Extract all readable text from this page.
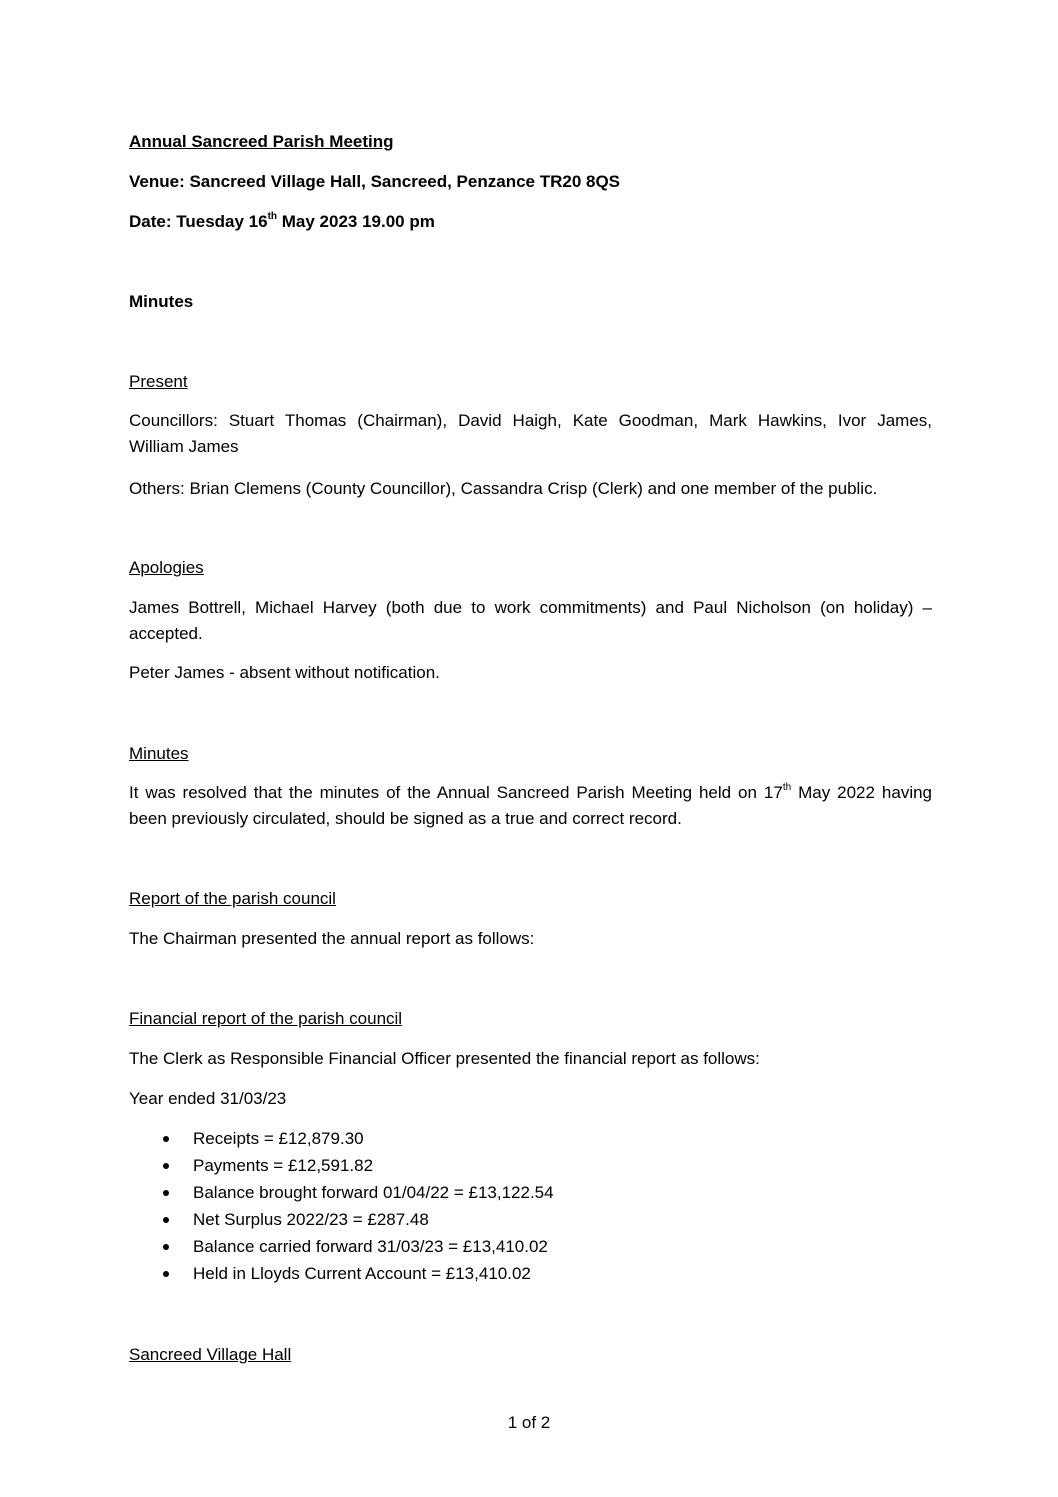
Annual Sancreed Parish Meeting
Venue: Sancreed Village Hall, Sancreed, Penzance TR20 8QS
Date: Tuesday 16th May 2023 19.00 pm
Minutes
Present
Councillors: Stuart Thomas (Chairman), David Haigh, Kate Goodman, Mark Hawkins, Ivor James,
William James
Others: Brian Clemens (County Councillor), Cassandra Crisp (Clerk) and one member of the public.
Apologies
James Bottrell, Michael Harvey (both due to work commitments) and Paul Nicholson (on holiday) –
accepted.
Peter James - absent without notification.
Minutes
It was resolved that the minutes of the Annual Sancreed Parish Meeting held on 17th May 2022 having
been previously circulated, should be signed as a true and correct record.
Report of the parish council
The Chairman presented the annual report as follows:
Financial report of the parish council
The Clerk as Responsible Financial Officer presented the financial report as follows:
Year ended 31/03/23
Receipts = £12,879.30
Payments = £12,591.82
Balance brought forward 01/04/22 = £13,122.54
Net Surplus 2022/23 = £287.48
Balance carried forward 31/03/23 = £13,410.02
Held in Lloyds Current Account = £13,410.02
Sancreed Village Hall
1 of 2
